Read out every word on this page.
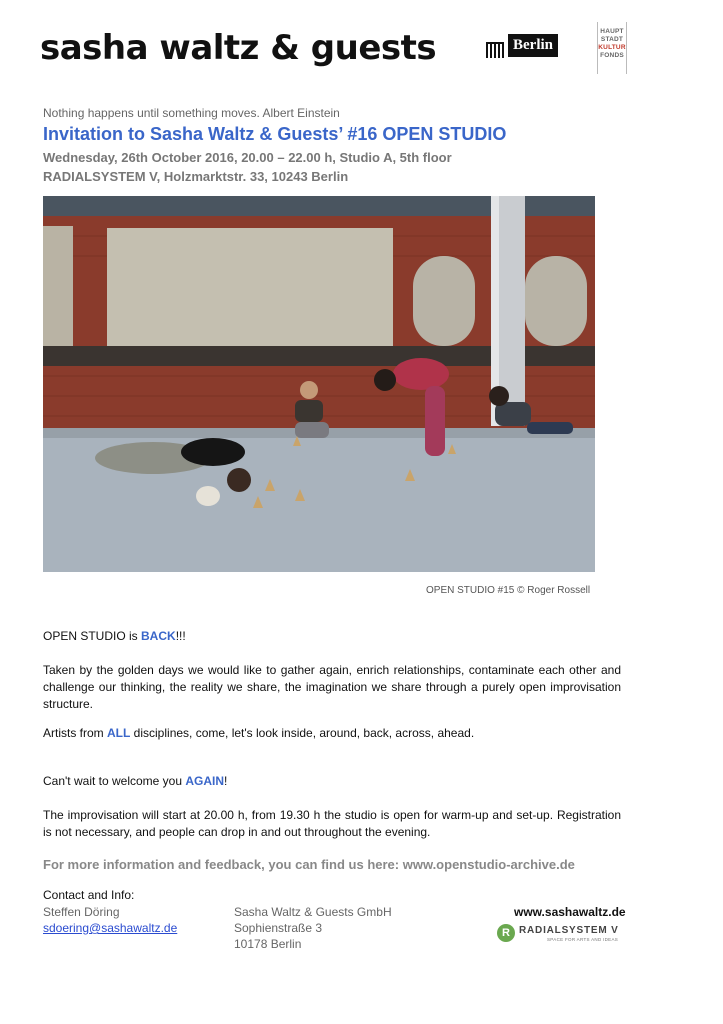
sasha waltz & guests	Berlin
HAUPT
STADT
KULTUR
FONDS
Nothing happens until something moves. Albert Einstein
Invitation to Sasha Waltz & Guests’ #16 OPEN STUDIO
Wednesday, 26th October 2016, 20.00 – 22.00 h, Studio A, 5th floor
RADIALSYSTEM V, Holzmarktstr. 33, 10243 Berlin
OPEN STUDIO #15 © Roger Rossell
OPEN STUDIO is BACK!!!
Taken by the golden days we would like to gather again, enrich relationships, contaminate each other and challenge our thinking, the reality we share, the imagination we share through a purely open improvisation structure.
Artists from ALL disciplines, come, let's look inside, around, back, across, ahead.
Can't wait to welcome you AGAIN!
The improvisation will start at 20.00 h, from 19.30 h the studio is open for warm-up and set-up. Registration is not necessary, and people can drop in and out throughout the evening.
For more information and feedback, you can find us here: www.openstudio-archive.de
Contact and Info:
Steffen Döring
sdoering@sashawaltz.de
Sasha Waltz & Guests GmbH
Sophienstraße 3
10178 Berlin
www.sashawaltz.de
R RADIALSYSTEM V
SPACE FOR ARTS AND IDEAS
